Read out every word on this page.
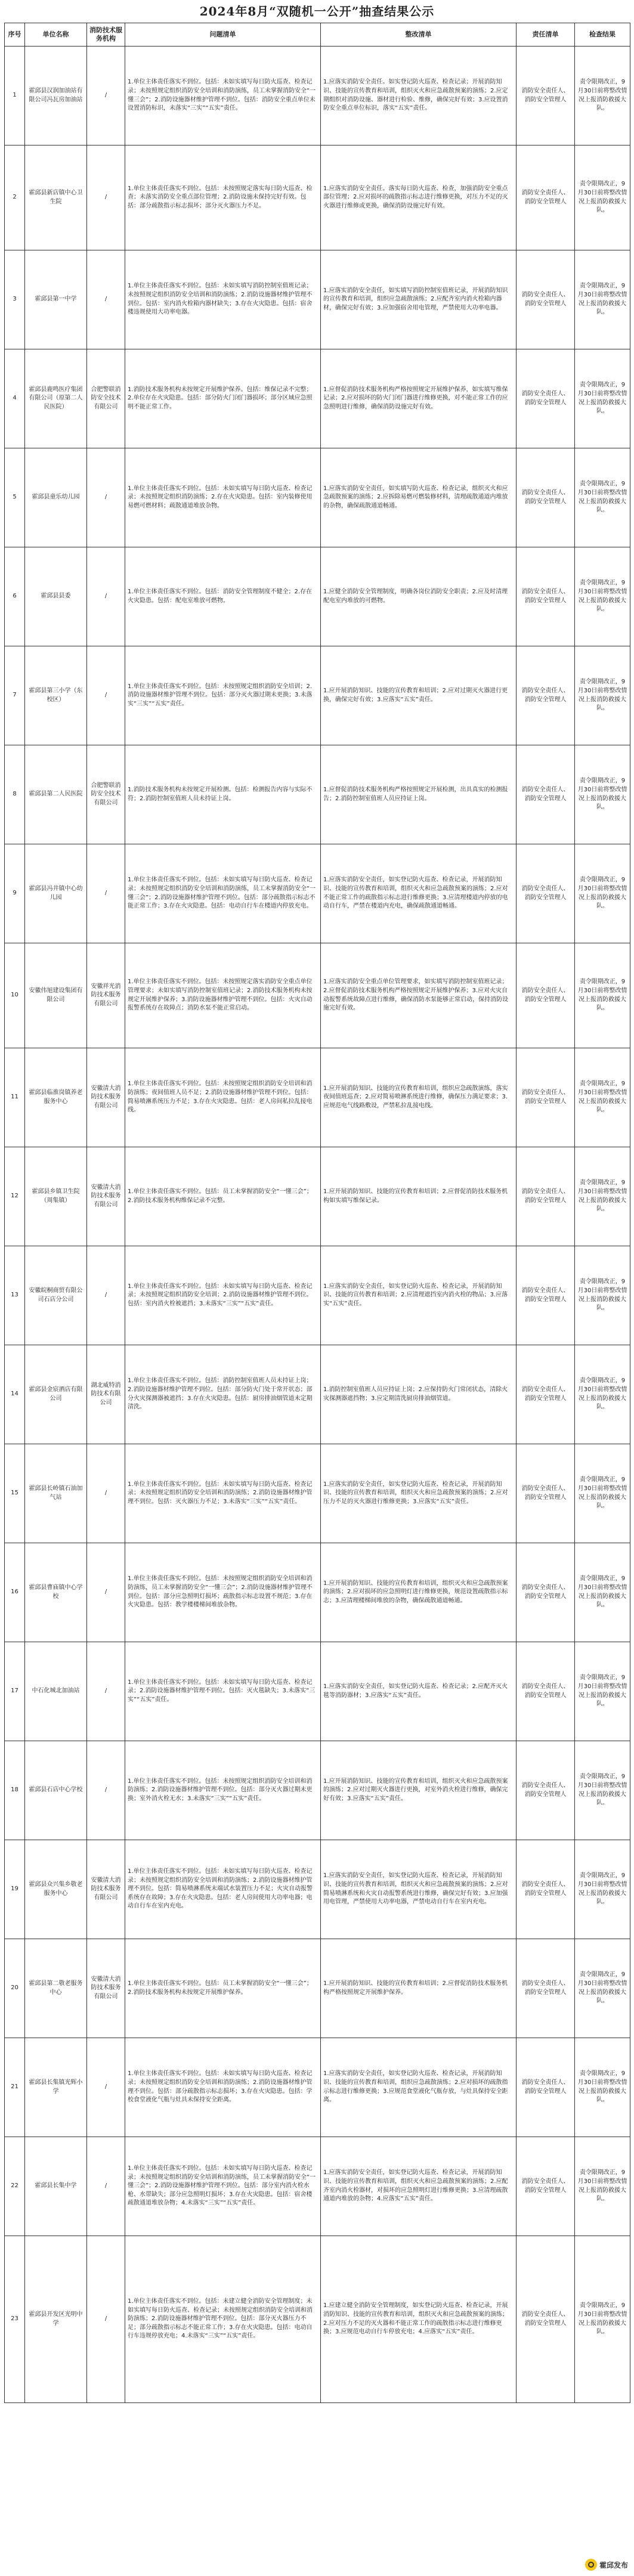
2024年8月“双随机一公开”抽查结果公示
序号	单位名称	消防技术服务机构	问题清单	整改清单	责任清单	检查结果
1	霍邱县汉润加油站有限公司冯瓦房加油站	/	1.单位主体责任落实不到位。包括：未如实填写每日防火巡查、检查记录；未按照规定组织消防安全培训和消防演练，员工未掌握消防安全“一懂三会”；2.消防设施器材维护管理不到位。包括：消防安全重点单位未设置消防标识，未落实“三实”“五实”责任。	1.应落实消防安全责任。如实登记防火巡查、检查记录；开展消防知识、技能的宣传教育和培训，组织灭火和应急疏散预案的演练；2.应定期组织对消防设施、器材进行检验、维修，确保完好有效；3.应设置消防安全重点单位标识，落实“五实”责任。	消防安全责任人、消防安全管理人	责令限期改正，9月30日前将整改情况上报消防救援大队。
2	霍邱县新店镇中心卫生院	/	1.单位主体责任落实不到位。包括：未按照规定落实每日防火巡查、检查；未落实消防安全重点部位管理；2.消防设施未保持完好有效。包括：部分疏散指示标志损坏；部分灭火器压力不足。	1.应落实消防安全责任。落实每日防火巡查、检查，加强消防安全重点部位管理；2.应对损坏的疏散指示标志进行维修更换，对压力不足的灭火器进行维修或更换，确保消防设施完好有效。	消防安全责任人、消防安全管理人	责令限期改正，9月30日前将整改情况上报消防救援大队。
3	霍邱县第一中学	/	1.单位主体责任落实不到位。包括：未如实填写消防控制室值班记录；未按照规定组织消防安全培训和消防演练；2.消防设施器材维护管理不到位。包括：室内消火栓箱内器材缺失；3.存在火灾隐患。包括：宿舍楼违规使用大功率电器。	1.应落实消防安全责任，如实填写消防控制室值班记录，开展消防知识的宣传教育和培训，组织应急疏散演练；2.应配齐室内消火栓箱内器材，确保完好有效；3.应加强宿舍用电管理，严禁使用大功率电器。	消防安全责任人、消防安全管理人	责令限期改正，9月30日前将整改情况上报消防救援大队。
4	霍邱县鹿鸣医疗集团有限公司（原第二人民医院）	合肥警联消防安全技术有限公司	1.消防技术服务机构未按规定开展维护保养。包括：维保记录不完整；2.单位存在火灾隐患。包括：部分防火门闭门器损坏；部分区域应急照明不能正常工作。	1.应督促消防技术服务机构严格按照规定开展维护保养，如实填写维保记录；2.应对损坏的防火门闭门器进行维修更换，对不能正常工作的应急照明进行维修，确保消防设施完好有效。	消防安全责任人、消防安全管理人	责令限期改正，9月30日前将整改情况上报消防救援大队。
5	霍邱县童乐幼儿园	/	1.单位主体责任落实不到位。包括：未如实填写每日防火巡查、检查记录；未按照规定组织消防演练；2.存在火灾隐患。包括：室内装修使用易燃可燃材料；疏散通道堆放杂物。	1.应落实消防安全责任，如实填写防火巡查、检查记录，组织灭火和应急疏散预案的演练；2.应拆除易燃可燃装修材料，清理疏散通道内堆放的杂物，确保疏散通道畅通。	消防安全责任人、消防安全管理人	责令限期改正，9月30日前将整改情况上报消防救援大队。
6	霍邱县县委	/	1.单位主体责任落实不到位。包括：消防安全管理制度不健全；2.存在火灾隐患。包括：配电室堆放可燃物。	1.应健全消防安全管理制度，明确各岗位消防安全职责；2.应及时清理配电室内堆放的可燃物。	消防安全责任人、消防安全管理人	责令限期改正，9月30日前将整改情况上报消防救援大队。
7	霍邱县第三小学（东校区）	/	1.单位主体责任落实不到位。包括：未按照规定组织消防安全培训；2.消防设施器材维护管理不到位。包括：部分灭火器过期未更换；3.未落实“三实”“五实”责任。	1.应开展消防知识、技能的宣传教育和培训；2.应对过期灭火器进行更换，确保完好有效；3.应落实“五实”责任。	消防安全责任人、消防安全管理人	责令限期改正，9月30日前将整改情况上报消防救援大队。
8	霍邱县第二人民医院	合肥警联消防安全技术有限公司	1.消防技术服务机构未按规定开展检测。包括：检测报告内容与实际不符；2.消防控制室值班人员未持证上岗。	1.应督促消防技术服务机构严格按照规定开展检测，出具真实的检测报告；2.消防控制室值班人员应持证上岗。	消防安全责任人、消防安全管理人	责令限期改正，9月30日前将整改情况上报消防救援大队。
9	霍邱县冯井镇中心幼儿园	/	1.单位主体责任落实不到位。包括：未如实填写每日防火巡查、检查记录；未按照规定组织消防安全培训和消防演练，员工未掌握消防安全“一懂三会”；2.消防设施器材维护管理不到位。包括：部分疏散指示标志不能正常工作；3.存在火灾隐患。包括：电动自行车在楼道内停放充电。	1.应落实消防安全责任，如实登记防火巡查、检查记录，开展消防知识、技能的宣传教育和培训，组织灭火和应急疏散预案的演练；2.应对不能正常工作的疏散指示标志进行维修更换；3.应清理楼道内停放的电动自行车，严禁在楼道内充电，确保疏散通道畅通。	消防安全责任人、消防安全管理人	责令限期改正，9月30日前将整改情况上报消防救援大队。
10	安徽伟旭建设集团有限公司	安徽祥光消防技术服务有限公司	1.单位主体责任落实不到位。包括：未按照规定落实消防安全重点单位管理要求；未如实填写消防控制室值班记录；2.消防技术服务机构未按规定开展维护保养；3.消防设施器材维护管理不到位。包括：火灾自动报警系统存在故障点；消防水泵不能正常启动。	1.应落实消防安全重点单位管理要求，如实填写消防控制室值班记录；2.应督促消防技术服务机构严格按照规定开展维护保养；3.应对火灾自动报警系统故障点进行维修，确保消防水泵能够正常启动，保持消防设施完好有效。	消防安全责任人、消防安全管理人	责令限期改正，9月30日前将整改情况上报消防救援大队。
11	霍邱县临淮岗镇养老服务中心	安徽清大消防技术服务有限公司	1.单位主体责任落实不到位。包括：未按照规定组织消防安全培训和消防演练；夜间值班人员不足；2.消防设施器材维护管理不到位。包括：简易喷淋系统压力不足；3.存在火灾隐患。包括：老人房间私拉乱接电线。	1.应开展消防知识、技能的宣传教育和培训，组织应急疏散演练，落实夜间值班巡查；2.应对简易喷淋系统进行维修，确保压力满足要求；3.应规范电气线路敷设，严禁私拉乱接电线。	消防安全责任人、消防安全管理人	责令限期改正，9月30日前将整改情况上报消防救援大队。
12	霍邱县乡镇卫生院（周集镇）	安徽清大消防技术服务有限公司	1.单位主体责任落实不到位。包括：员工未掌握消防安全“一懂三会”；2.消防技术服务机构维保记录不完整。	1.应开展消防知识、技能的宣传教育和培训；2.应督促消防技术服务机构如实填写维保记录。	消防安全责任人、消防安全管理人	责令限期改正，9月30日前将整改情况上报消防救援大队。
13	安徽皖桐商贸有限公司石店分公司	/	1.单位主体责任落实不到位。包括：未如实填写每日防火巡查、检查记录；未按照规定组织消防安全培训；2.消防设施器材维护管理不到位。包括：室内消火栓被遮挡；3.未落实“三实”“五实”责任。	1.应落实消防安全责任，如实登记防火巡查、检查记录，开展消防知识、技能的宣传教育和培训；2.应清理遮挡室内消火栓的物品；3.应落实“五实”责任。	消防安全责任人、消防安全管理人	责令限期改正，9月30日前将整改情况上报消防救援大队。
14	霍邱县金宸酒店有限公司	湖北威特消防技术有限公司	1.单位主体责任落实不到位。包括：消防控制室值班人员未持证上岗；2.消防设施器材维护管理不到位。包括：部分防火门处于常开状态；部分火灾探测器被遮挡；3.存在火灾隐患。包括：厨房排油烟管道未定期清洗。	1.消防控制室值班人员应持证上岗；2.应保持防火门常闭状态，清除火灾探测器遮挡物；3.应定期清洗厨房排油烟管道。	消防安全责任人、消防安全管理人	责令限期改正，9月30日前将整改情况上报消防救援大队。
15	霍邱县长岭镇石油加气站	/	1.单位主体责任落实不到位。包括：未如实填写每日防火巡查、检查记录；未按照规定组织消防安全培训和消防演练；2.消防设施器材维护管理不到位。包括：灭火器压力不足；3.未落实“三实”“五实”责任。	1.应落实消防安全责任，如实登记防火巡查、检查记录，开展消防知识、技能的宣传教育和培训，组织灭火和应急疏散预案的演练；2.应对压力不足的灭火器进行维修更换；3.应落实“五实”责任。	消防安全责任人、消防安全管理人	责令限期改正，9月30日前将整改情况上报消防救援大队。
16	霍邱县曹庙镇中心学校	/	1.单位主体责任落实不到位。包括：未按照规定组织消防安全培训和消防演练，员工未掌握消防安全“一懂三会”；2.消防设施器材维护管理不到位。包括：部分应急照明灯损坏；疏散指示标志设置不规范；3.存在火灾隐患。包括：教学楼楼梯间堆放杂物。	1.应开展消防知识、技能的宣传教育和培训，组织灭火和应急疏散预案的演练；2.应对损坏的应急照明灯进行维修更换，规范设置疏散指示标志；3.应清理楼梯间堆放的杂物，确保疏散通道畅通。	消防安全责任人、消防安全管理人	责令限期改正，9月30日前将整改情况上报消防救援大队。
17	中石化城北加油站	/	1.单位主体责任落实不到位。包括：未如实填写每日防火巡查、检查记录；2.消防设施器材维护管理不到位。包括：灭火毯缺失；3.未落实“三实”“五实”责任。	1.应落实消防安全责任，如实登记防火巡查、检查记录；2.应配齐灭火毯等消防器材；3.应落实“五实”责任。	消防安全责任人、消防安全管理人	责令限期改正，9月30日前将整改情况上报消防救援大队。
18	霍邱县石店中心学校	/	1.单位主体责任落实不到位。包括：未按照规定组织消防安全培训和消防演练；2.消防设施器材维护管理不到位。包括：部分灭火器过期未更换；室外消火栓无水；3.未落实“三实”“五实”责任。	1.应开展消防知识、技能的宣传教育和培训，组织灭火和应急疏散预案的演练；2.应对过期灭火器进行更换，对室外消火栓进行维修，确保完好有效；3.应落实“五实”责任。	消防安全责任人、消防安全管理人	责令限期改正，9月30日前将整改情况上报消防救援大队。
19	霍邱县众兴集乡敬老服务中心	安徽清大消防技术服务有限公司	1.单位主体责任落实不到位。包括：未如实填写每日防火巡查、检查记录；未按照规定组织消防安全培训和消防演练；2.消防设施器材维护管理不到位。包括：简易喷淋系统末端试水装置压力不足；火灾自动报警系统存在故障；3.存在火灾隐患。包括：老人房间使用大功率电器；电动自行车在室内充电。	1.应落实消防安全责任，如实登记防火巡查、检查记录，开展消防知识、技能的宣传教育和培训，组织灭火和应急疏散预案的演练；2.应对简易喷淋系统和火灾自动报警系统进行维修，确保完好有效；3.应加强用电管理，严禁使用大功率电器，严禁电动自行车在室内充电。	消防安全责任人、消防安全管理人	责令限期改正，9月30日前将整改情况上报消防救援大队。
20	霍邱县第二敬老服务中心	安徽清大消防技术服务有限公司	1.单位主体责任落实不到位。包括：员工未掌握消防安全“一懂三会”；2.消防技术服务机构未按规定开展维护保养。	1.应开展消防知识、技能的宣传教育和培训；2.应督促消防技术服务机构严格按照规定开展维护保养。	消防安全责任人、消防安全管理人	责令限期改正，9月30日前将整改情况上报消防救援大队。
21	霍邱县长集镇光辉小学	/	1.单位主体责任落实不到位。包括：未如实填写每日防火巡查、检查记录；未按照规定组织消防安全培训和消防演练；2.消防设施器材维护管理不到位。包括：部分疏散指示标志损坏；3.存在火灾隐患。包括：学校食堂液化气瓶与灶具未保持安全距离。	1.应落实消防安全责任，如实登记防火巡查、检查记录，开展消防知识、技能的宣传教育和培训，组织应急疏散演练；2.应对损坏的疏散指示标志进行维修更换；3.应规范食堂液化气瓶存放，与灶具保持安全距离。	消防安全责任人、消防安全管理人	责令限期改正，9月30日前将整改情况上报消防救援大队。
22	霍邱县长集中学	/	1.单位主体责任落实不到位。包括：未如实填写每日防火巡查、检查记录；未按照规定组织消防安全培训和消防演练，员工未掌握消防安全“一懂三会”；2.消防设施器材维护管理不到位。包括：部分室内消火栓水枪、水带缺失；部分应急照明灯损坏；3.存在火灾隐患。包括：宿舍楼疏散通道堆放杂物；4.未落实“三实”“五实”责任。	1.应落实消防安全责任，如实登记防火巡查、检查记录，开展消防知识、技能的宣传教育和培训，组织灭火和应急疏散预案的演练；2.应配齐室内消火栓器材，对损坏的应急照明灯进行维修更换；3.应清理疏散通道内堆放的杂物；4.应落实“五实”责任。	消防安全责任人、消防安全管理人	责令限期改正，9月30日前将整改情况上报消防救援大队。
23	霍邱县开发区光明中学	/	1.单位主体责任落实不到位。包括：未建立健全消防安全管理制度；未如实填写每日防火巡查、检查记录；未按照规定组织消防安全培训和消防演练；2.消防设施器材维护管理不到位。包括：部分灭火器压力不足；部分疏散指示标志不能正常工作；3.存在火灾隐患。包括：电动自行车违规停放充电；4.未落实“三实”“五实”责任。	1.应建立健全消防安全管理制度，如实登记防火巡查、检查记录，开展消防知识、技能的宣传教育和培训，组织灭火和应急疏散预案的演练；2.应对压力不足的灭火器和不能正常工作的疏散指示标志进行维修更换；3.应规范电动自行车停放充电；4.应落实“五实”责任。	消防安全责任人、消防安全管理人	责令限期改正，9月30日前将整改情况上报消防救援大队。
霍邱发布
